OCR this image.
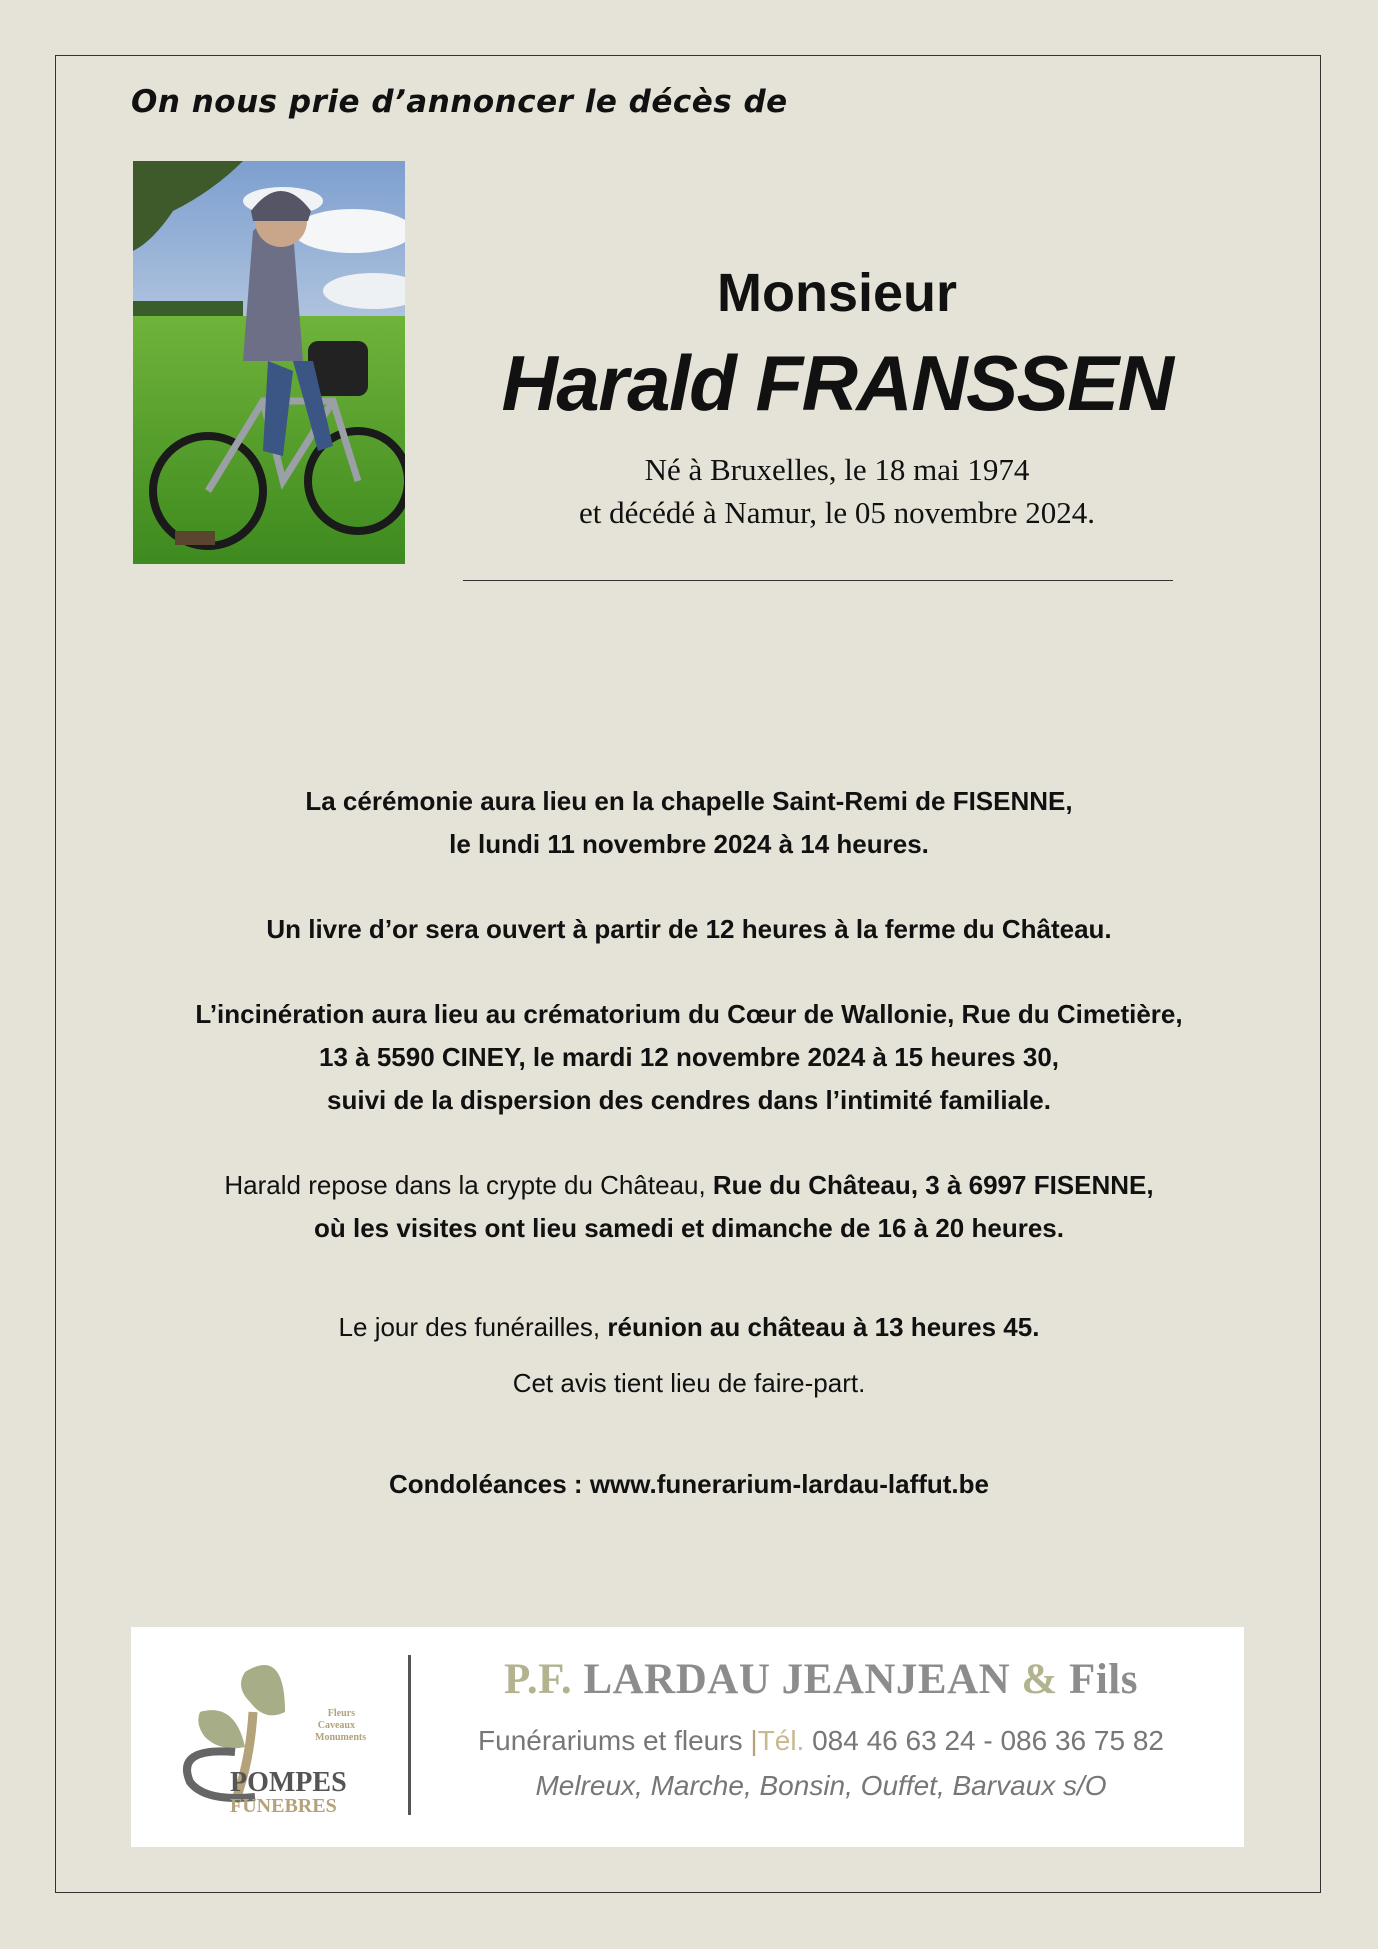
On nous prie d’annoncer le décès de
Monsieur
Harald FRANSSEN
Né à Bruxelles, le 18 mai 1974
et décédé à Namur, le 05 novembre 2024.

La cérémonie aura lieu en la chapelle Saint-Remi de FISENNE,

le lundi 11 novembre 2024 à 14 heures.

Un livre d’or sera ouvert à partir de 12 heures à la ferme du Château.

L’incinération aura lieu au crématorium du Cœur de Wallonie, Rue du Cimetière,

13 à 5590 CINEY, le mardi 12 novembre 2024 à 15 heures 30,

suivi de la dispersion des cendres dans l’intimité familiale.

Harald repose dans la crypte du Château, Rue du Château, 3 à 6997 FISENNE,

où les visites ont lieu samedi et dimanche de 16 à 20 heures.

Le jour des funérailles, réunion au château à 13 heures 45.

Cet avis tient lieu de faire-part.

Condoléances : www.funerarium-lardau-laffut.be

Fleurs
Caveaux
Monuments
POMPES
FUNEBRES
P.F. LARDAU JEANJEAN & Fils
Funérariums et fleurs |Tél. 084 46 63 24 - 086 36 75 82
Melreux, Marche, Bonsin, Ouffet, Barvaux s/O
